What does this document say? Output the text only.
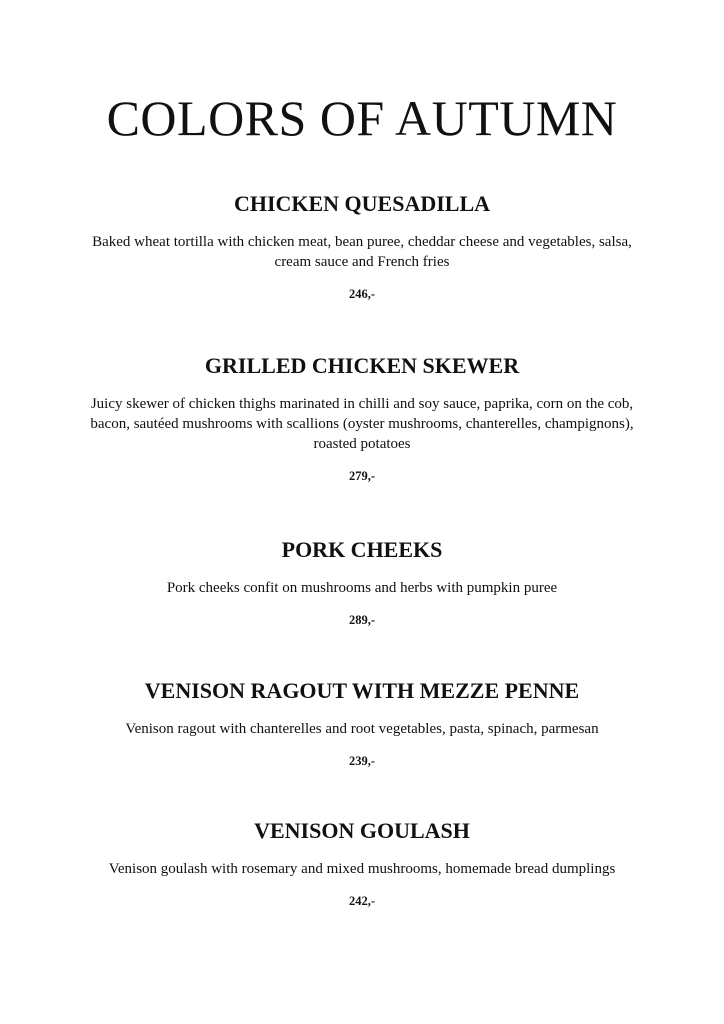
COLORS OF AUTUMN
CHICKEN QUESADILLA

Baked wheat tortilla with chicken meat, bean puree, cheddar cheese and vegetables, salsa, cream sauce and French fries

246,-

GRILLED CHICKEN SKEWER

Juicy skewer of chicken thighs marinated in chilli and soy sauce, paprika, corn on the cob, bacon, sautéed mushrooms with scallions (oyster mushrooms, chanterelles, champignons), roasted potatoes

279,-

PORK CHEEKS

Pork cheeks confit on mushrooms and herbs with pumpkin puree

289,-

VENISON RAGOUT WITH MEZZE PENNE

Venison ragout with chanterelles and root vegetables, pasta, spinach, parmesan

239,-

VENISON GOULASH

Venison goulash with rosemary and mixed mushrooms, homemade bread dumplings

242,-
